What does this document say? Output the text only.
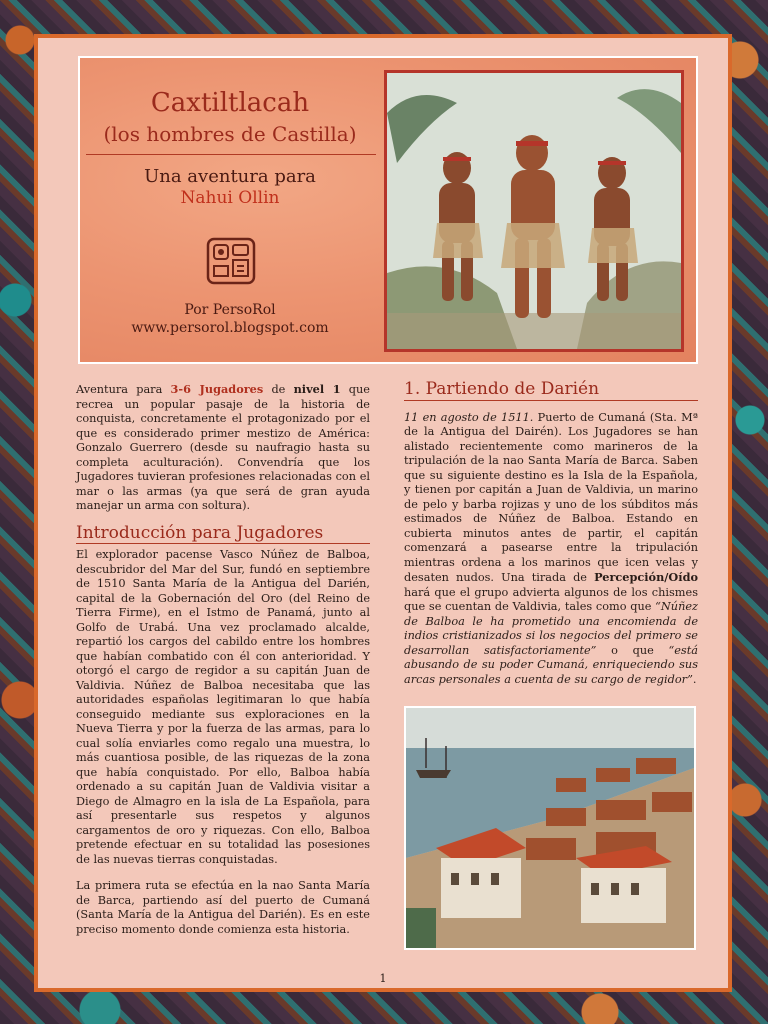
Caxtiltlacah
(los hombres de Castilla)
Una aventura para
Nahui Ollin
Por PersoRol
www.persorol.blogspot.com

Aventura para 3-6 Jugadores de nivel 1 que recrea un popular pasaje de la historia de conquista, concretamente el protagonizado por el que es considerado primer mestizo de América: Gonzalo Guerrero (desde su naufragio hasta su completa aculturación). Convendría que los Jugadores tuvieran profesiones relacionadas con el mar o las armas (ya que será de gran ayuda manejar un arma con soltura).

Introducción para Jugadores

El explorador pacense Vasco Núñez de Balboa, descubridor del Mar del Sur, fundó en septiembre de 1510 Santa María de la Antigua del Darién, capital de la Gobernación del Oro (del Reino de Tierra Firme), en el Istmo de Panamá, junto al Golfo de Urabá. Una vez proclamado alcalde, repartió los cargos del cabildo entre los hombres que habían combatido con él con anterioridad. Y otorgó el cargo de regidor a su capitán Juan de Valdivia. Núñez de Balboa necesitaba que las autoridades españolas legitimaran lo que había conseguido mediante sus exploraciones en la Nueva Tierra y por la fuerza de las armas, para lo cual solía enviarles como regalo una muestra, lo más cuantiosa posible, de las riquezas de la zona que había conquistado. Por ello, Balboa había ordenado a su capitán Juan de Valdivia visitar a Diego de Almagro en la isla de La Española, para así presentarle sus respetos y algunos cargamentos de oro y riquezas. Con ello, Balboa pretende efectuar en su totalidad las posesiones de las nuevas tierras conquistadas.

La primera ruta se efectúa en la nao Santa María de Barca, partiendo así del puerto de Cumaná (Santa María de la Antigua del Darién). Es en este preciso momento donde comienza esta historia.

1. Partiendo de Darién

11 en agosto de 1511. Puerto de Cumaná (Sta. Mª de la Antigua del Dairén). Los Jugadores se han alistado recientemente como marineros de la tripulación de la nao Santa María de Barca. Saben que su siguiente destino es la Isla de la Española, y tienen por capitán a Juan de Valdivia, un marino de pelo y barba rojizas y uno de los súbditos más estimados de Núñez de Balboa. Estando en cubierta minutos antes de partir, el capitán comenzará a pasearse entre la tripulación mientras ordena a los marinos que icen velas y desaten nudos. Una tirada de Percepción/Oído hará que el grupo advierta algunos de los chismes que se cuentan de Valdivia, tales como que “Núñez de Balboa le ha prometido una encomienda de indios cristianizados si los negocios del primero se desarrollan satisfactoriamente” o que “está abusando de su poder Cumaná, enriqueciendo sus arcas personales a cuenta de su cargo de regidor”.

1
